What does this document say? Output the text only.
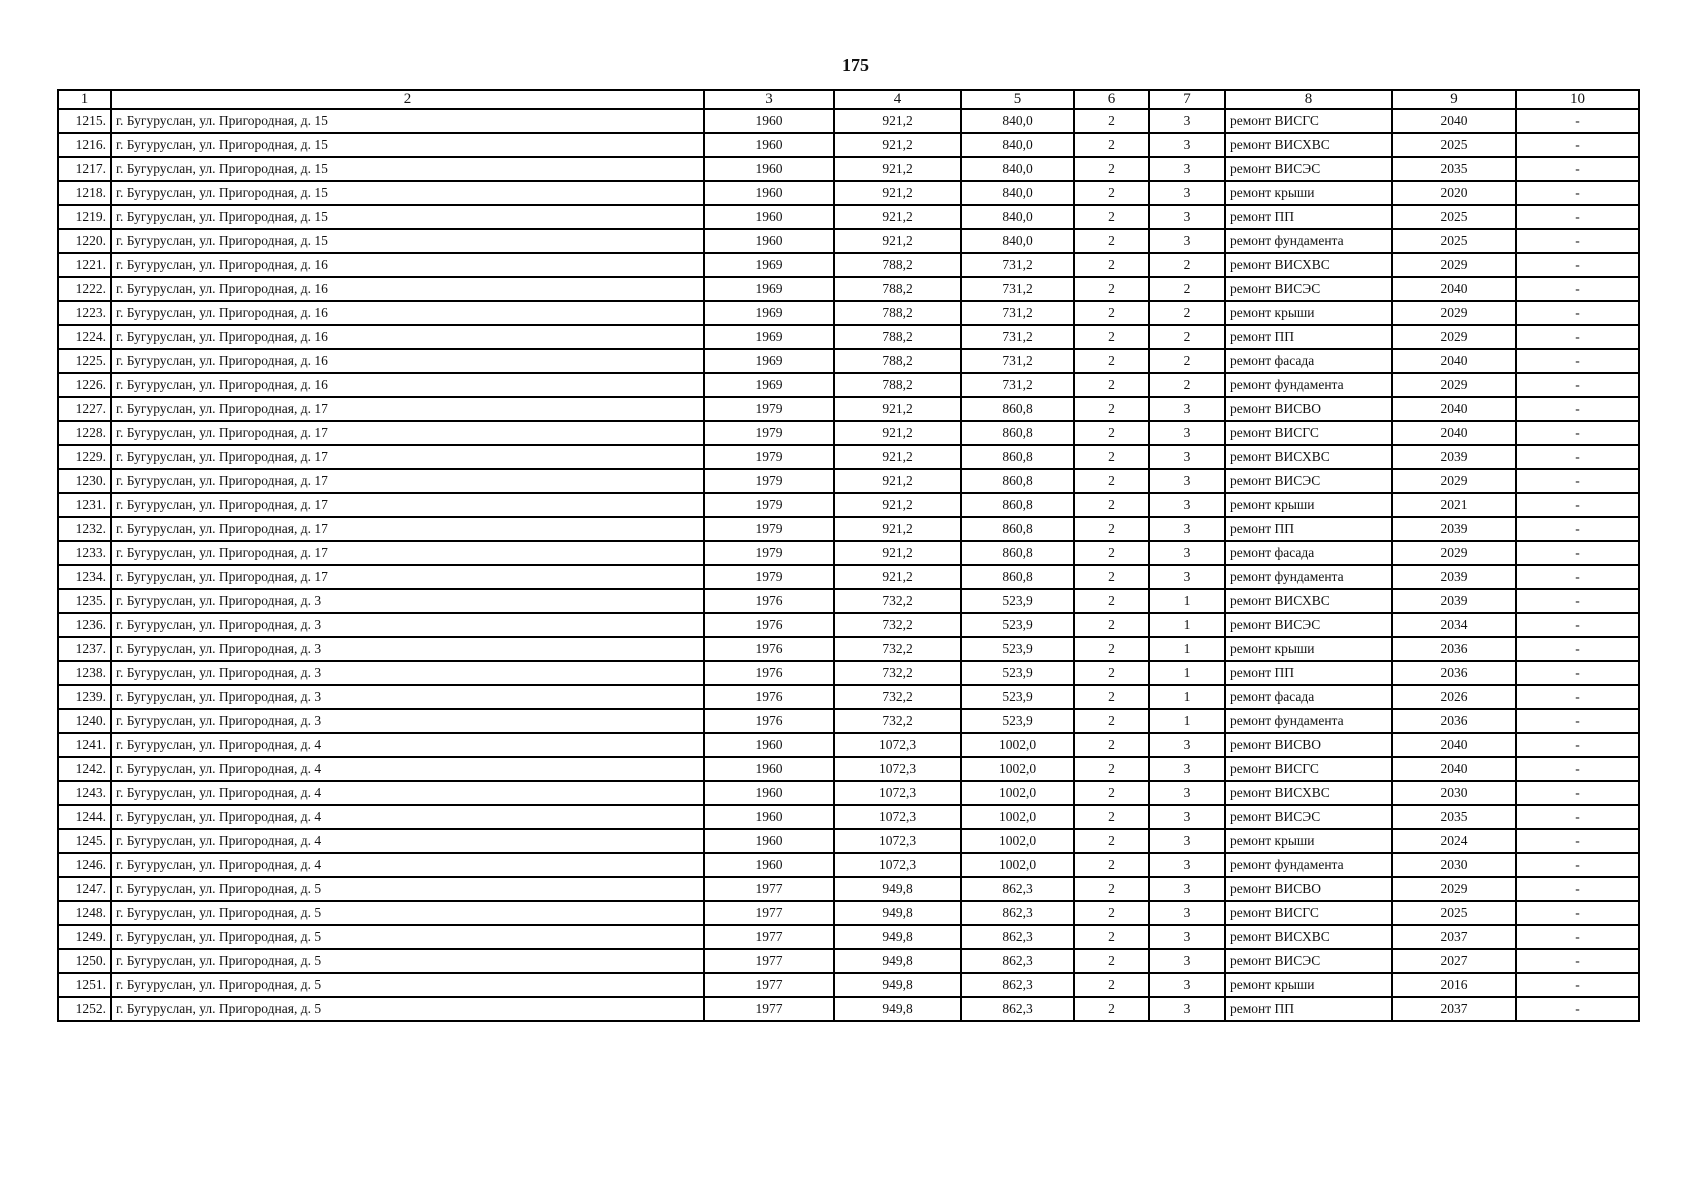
175
1	2	3	4	5	6	7	8	9	10
1215.	г. Бугуруслан, ул. Пригородная, д. 15	1960	921,2	840,0	2	3	ремонт ВИСГС	2040	-
1216.	г. Бугуруслан, ул. Пригородная, д. 15	1960	921,2	840,0	2	3	ремонт ВИСХВС	2025	-
1217.	г. Бугуруслан, ул. Пригородная, д. 15	1960	921,2	840,0	2	3	ремонт ВИСЭС	2035	-
1218.	г. Бугуруслан, ул. Пригородная, д. 15	1960	921,2	840,0	2	3	ремонт крыши	2020	-
1219.	г. Бугуруслан, ул. Пригородная, д. 15	1960	921,2	840,0	2	3	ремонт ПП	2025	-
1220.	г. Бугуруслан, ул. Пригородная, д. 15	1960	921,2	840,0	2	3	ремонт фундамента	2025	-
1221.	г. Бугуруслан, ул. Пригородная, д. 16	1969	788,2	731,2	2	2	ремонт ВИСХВС	2029	-
1222.	г. Бугуруслан, ул. Пригородная, д. 16	1969	788,2	731,2	2	2	ремонт ВИСЭС	2040	-
1223.	г. Бугуруслан, ул. Пригородная, д. 16	1969	788,2	731,2	2	2	ремонт крыши	2029	-
1224.	г. Бугуруслан, ул. Пригородная, д. 16	1969	788,2	731,2	2	2	ремонт ПП	2029	-
1225.	г. Бугуруслан, ул. Пригородная, д. 16	1969	788,2	731,2	2	2	ремонт фасада	2040	-
1226.	г. Бугуруслан, ул. Пригородная, д. 16	1969	788,2	731,2	2	2	ремонт фундамента	2029	-
1227.	г. Бугуруслан, ул. Пригородная, д. 17	1979	921,2	860,8	2	3	ремонт ВИСВО	2040	-
1228.	г. Бугуруслан, ул. Пригородная, д. 17	1979	921,2	860,8	2	3	ремонт ВИСГС	2040	-
1229.	г. Бугуруслан, ул. Пригородная, д. 17	1979	921,2	860,8	2	3	ремонт ВИСХВС	2039	-
1230.	г. Бугуруслан, ул. Пригородная, д. 17	1979	921,2	860,8	2	3	ремонт ВИСЭС	2029	-
1231.	г. Бугуруслан, ул. Пригородная, д. 17	1979	921,2	860,8	2	3	ремонт крыши	2021	-
1232.	г. Бугуруслан, ул. Пригородная, д. 17	1979	921,2	860,8	2	3	ремонт ПП	2039	-
1233.	г. Бугуруслан, ул. Пригородная, д. 17	1979	921,2	860,8	2	3	ремонт фасада	2029	-
1234.	г. Бугуруслан, ул. Пригородная, д. 17	1979	921,2	860,8	2	3	ремонт фундамента	2039	-
1235.	г. Бугуруслан, ул. Пригородная, д. 3	1976	732,2	523,9	2	1	ремонт ВИСХВС	2039	-
1236.	г. Бугуруслан, ул. Пригородная, д. 3	1976	732,2	523,9	2	1	ремонт ВИСЭС	2034	-
1237.	г. Бугуруслан, ул. Пригородная, д. 3	1976	732,2	523,9	2	1	ремонт крыши	2036	-
1238.	г. Бугуруслан, ул. Пригородная, д. 3	1976	732,2	523,9	2	1	ремонт ПП	2036	-
1239.	г. Бугуруслан, ул. Пригородная, д. 3	1976	732,2	523,9	2	1	ремонт фасада	2026	-
1240.	г. Бугуруслан, ул. Пригородная, д. 3	1976	732,2	523,9	2	1	ремонт фундамента	2036	-
1241.	г. Бугуруслан, ул. Пригородная, д. 4	1960	1072,3	1002,0	2	3	ремонт ВИСВО	2040	-
1242.	г. Бугуруслан, ул. Пригородная, д. 4	1960	1072,3	1002,0	2	3	ремонт ВИСГС	2040	-
1243.	г. Бугуруслан, ул. Пригородная, д. 4	1960	1072,3	1002,0	2	3	ремонт ВИСХВС	2030	-
1244.	г. Бугуруслан, ул. Пригородная, д. 4	1960	1072,3	1002,0	2	3	ремонт ВИСЭС	2035	-
1245.	г. Бугуруслан, ул. Пригородная, д. 4	1960	1072,3	1002,0	2	3	ремонт крыши	2024	-
1246.	г. Бугуруслан, ул. Пригородная, д. 4	1960	1072,3	1002,0	2	3	ремонт фундамента	2030	-
1247.	г. Бугуруслан, ул. Пригородная, д. 5	1977	949,8	862,3	2	3	ремонт ВИСВО	2029	-
1248.	г. Бугуруслан, ул. Пригородная, д. 5	1977	949,8	862,3	2	3	ремонт ВИСГС	2025	-
1249.	г. Бугуруслан, ул. Пригородная, д. 5	1977	949,8	862,3	2	3	ремонт ВИСХВС	2037	-
1250.	г. Бугуруслан, ул. Пригородная, д. 5	1977	949,8	862,3	2	3	ремонт ВИСЭС	2027	-
1251.	г. Бугуруслан, ул. Пригородная, д. 5	1977	949,8	862,3	2	3	ремонт крыши	2016	-
1252.	г. Бугуруслан, ул. Пригородная, д. 5	1977	949,8	862,3	2	3	ремонт ПП	2037	-
